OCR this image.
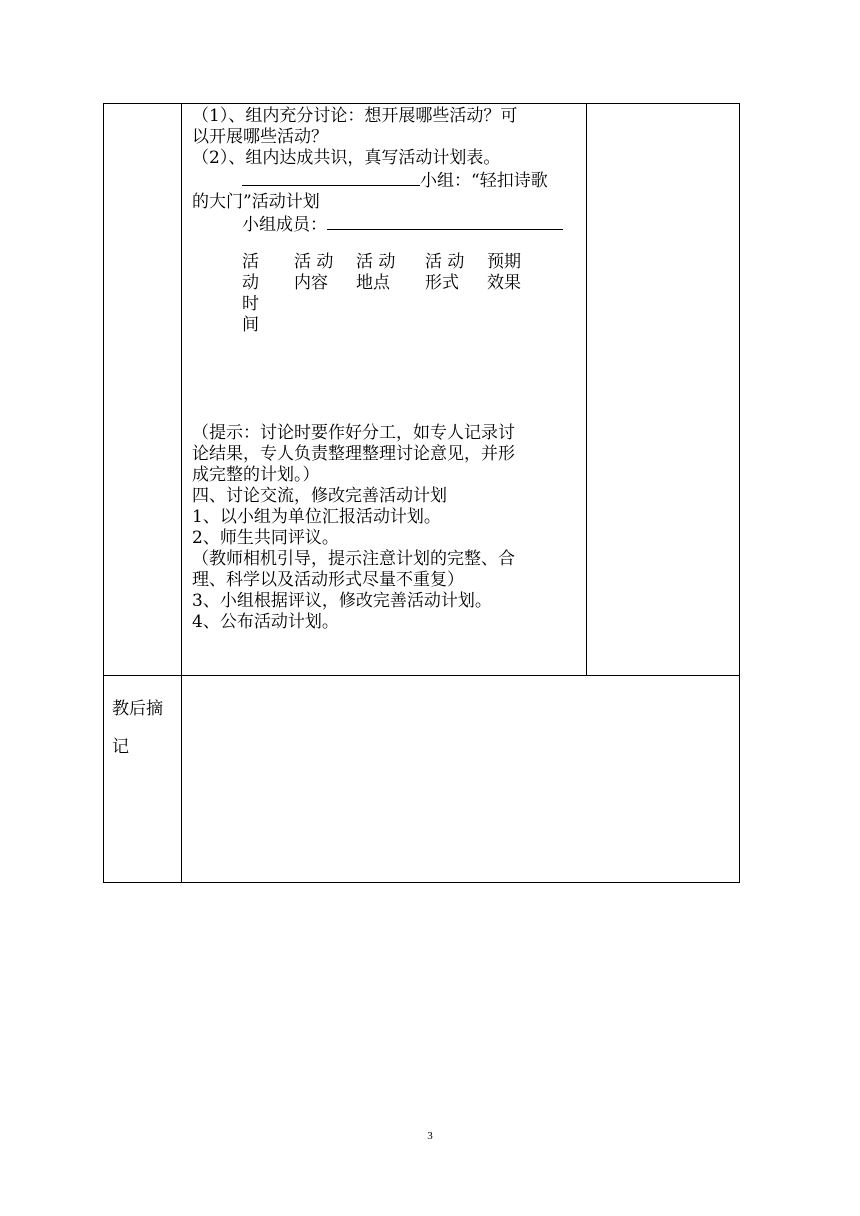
（1）、组内充分讨论：想开展哪些活动？可

以开展哪些活动？

（2）、组内达成共识，真写活动计划表。

小组：“轻扣诗歌

的大门”活动计划

小组成员：

活
动
时
间
活 动
内容
活 动
地点
活 动
形式
预期
效果

（提示：讨论时要作好分工，如专人记录讨

论结果，专人负责整理整理讨论意见，并形

成完整的计划。）

四、讨论交流，修改完善活动计划

1、以小组为单位汇报活动计划。

2、师生共同评议。

（教师相机引导，提示注意计划的完整、合

理、科学以及活动形式尽量不重复）

3、小组根据评议，修改完善活动计划。

4、公布活动计划。

教后摘
记
3
